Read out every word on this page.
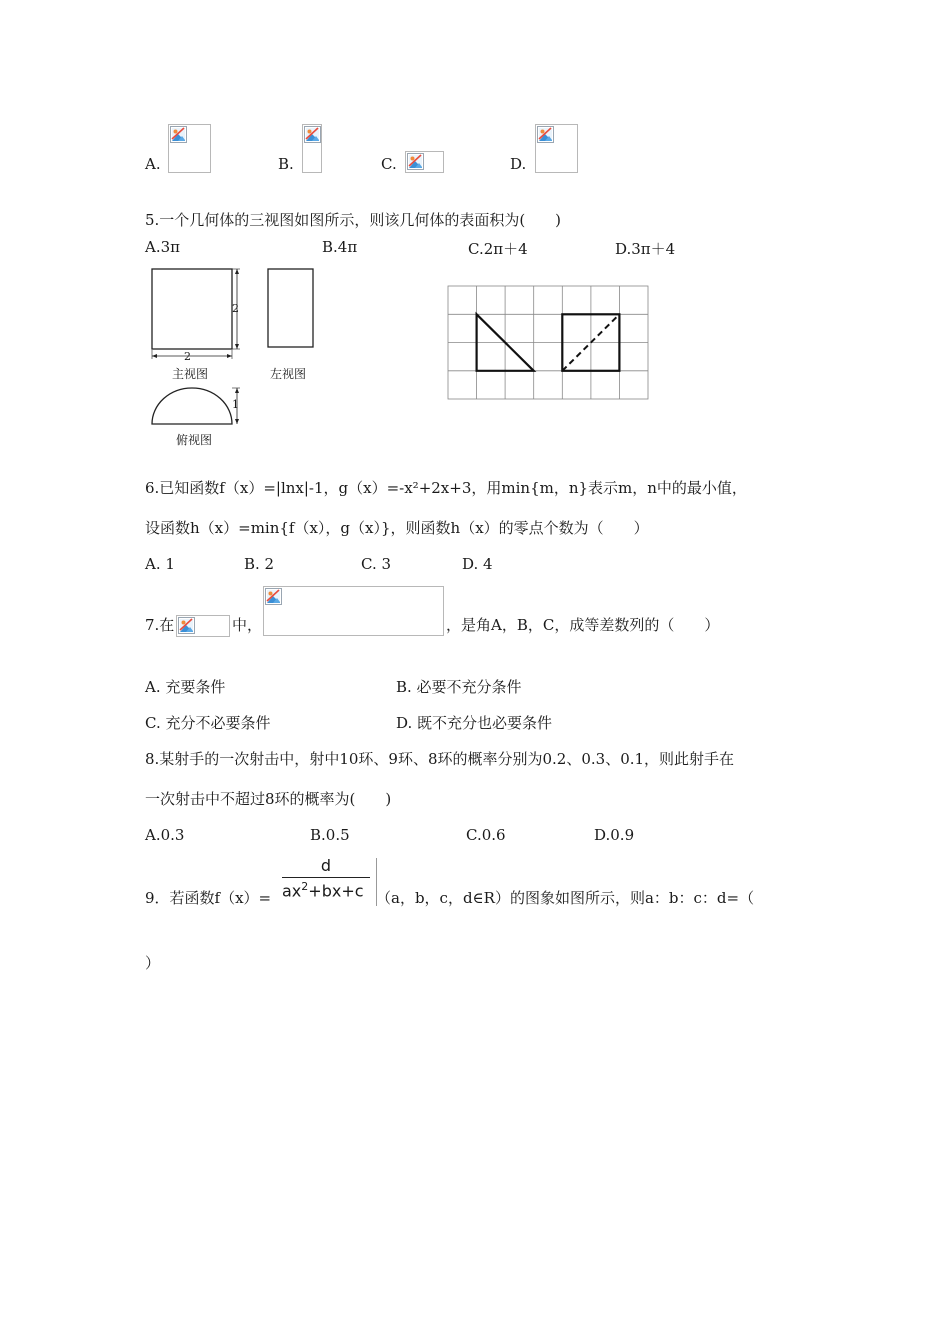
A.	B.	C.	D.
5.一个几何体的三视图如图所示，则该几何体的表面积为(　　)
A.3π	B.4π	C.2π＋4	D.3π＋4
2
2
1
主视图	左视图
俯视图
6.已知函数f（x）=|lnx|-1，g（x）=-x²+2x+3，用min{m，n}表示m，n中的最小值，
设函数h（x）=min{f（x），g（x）}，则函数h（x）的零点个数为（　　）
A. 1	B. 2	C. 3	D. 4
7.在	中，	，是角A，B，C，成等差数列的（　　）
A. 充要条件	B. 必要不充分条件
C. 充分不必要条件	D. 既不充分也必要条件
8.某射手的一次射击中，射中10环、9环、8环的概率分别为0.2、0.3、0.1，则此射手在
一次射击中不超过8环的概率为(　　)
A.0.3	B.0.5	C.0.6	D.0.9
9．若函数f（x）=
d
$ax^2+bx+c$ （a，b，c，d∈R）的图象如图所示，则a：b：c：d=（
）
